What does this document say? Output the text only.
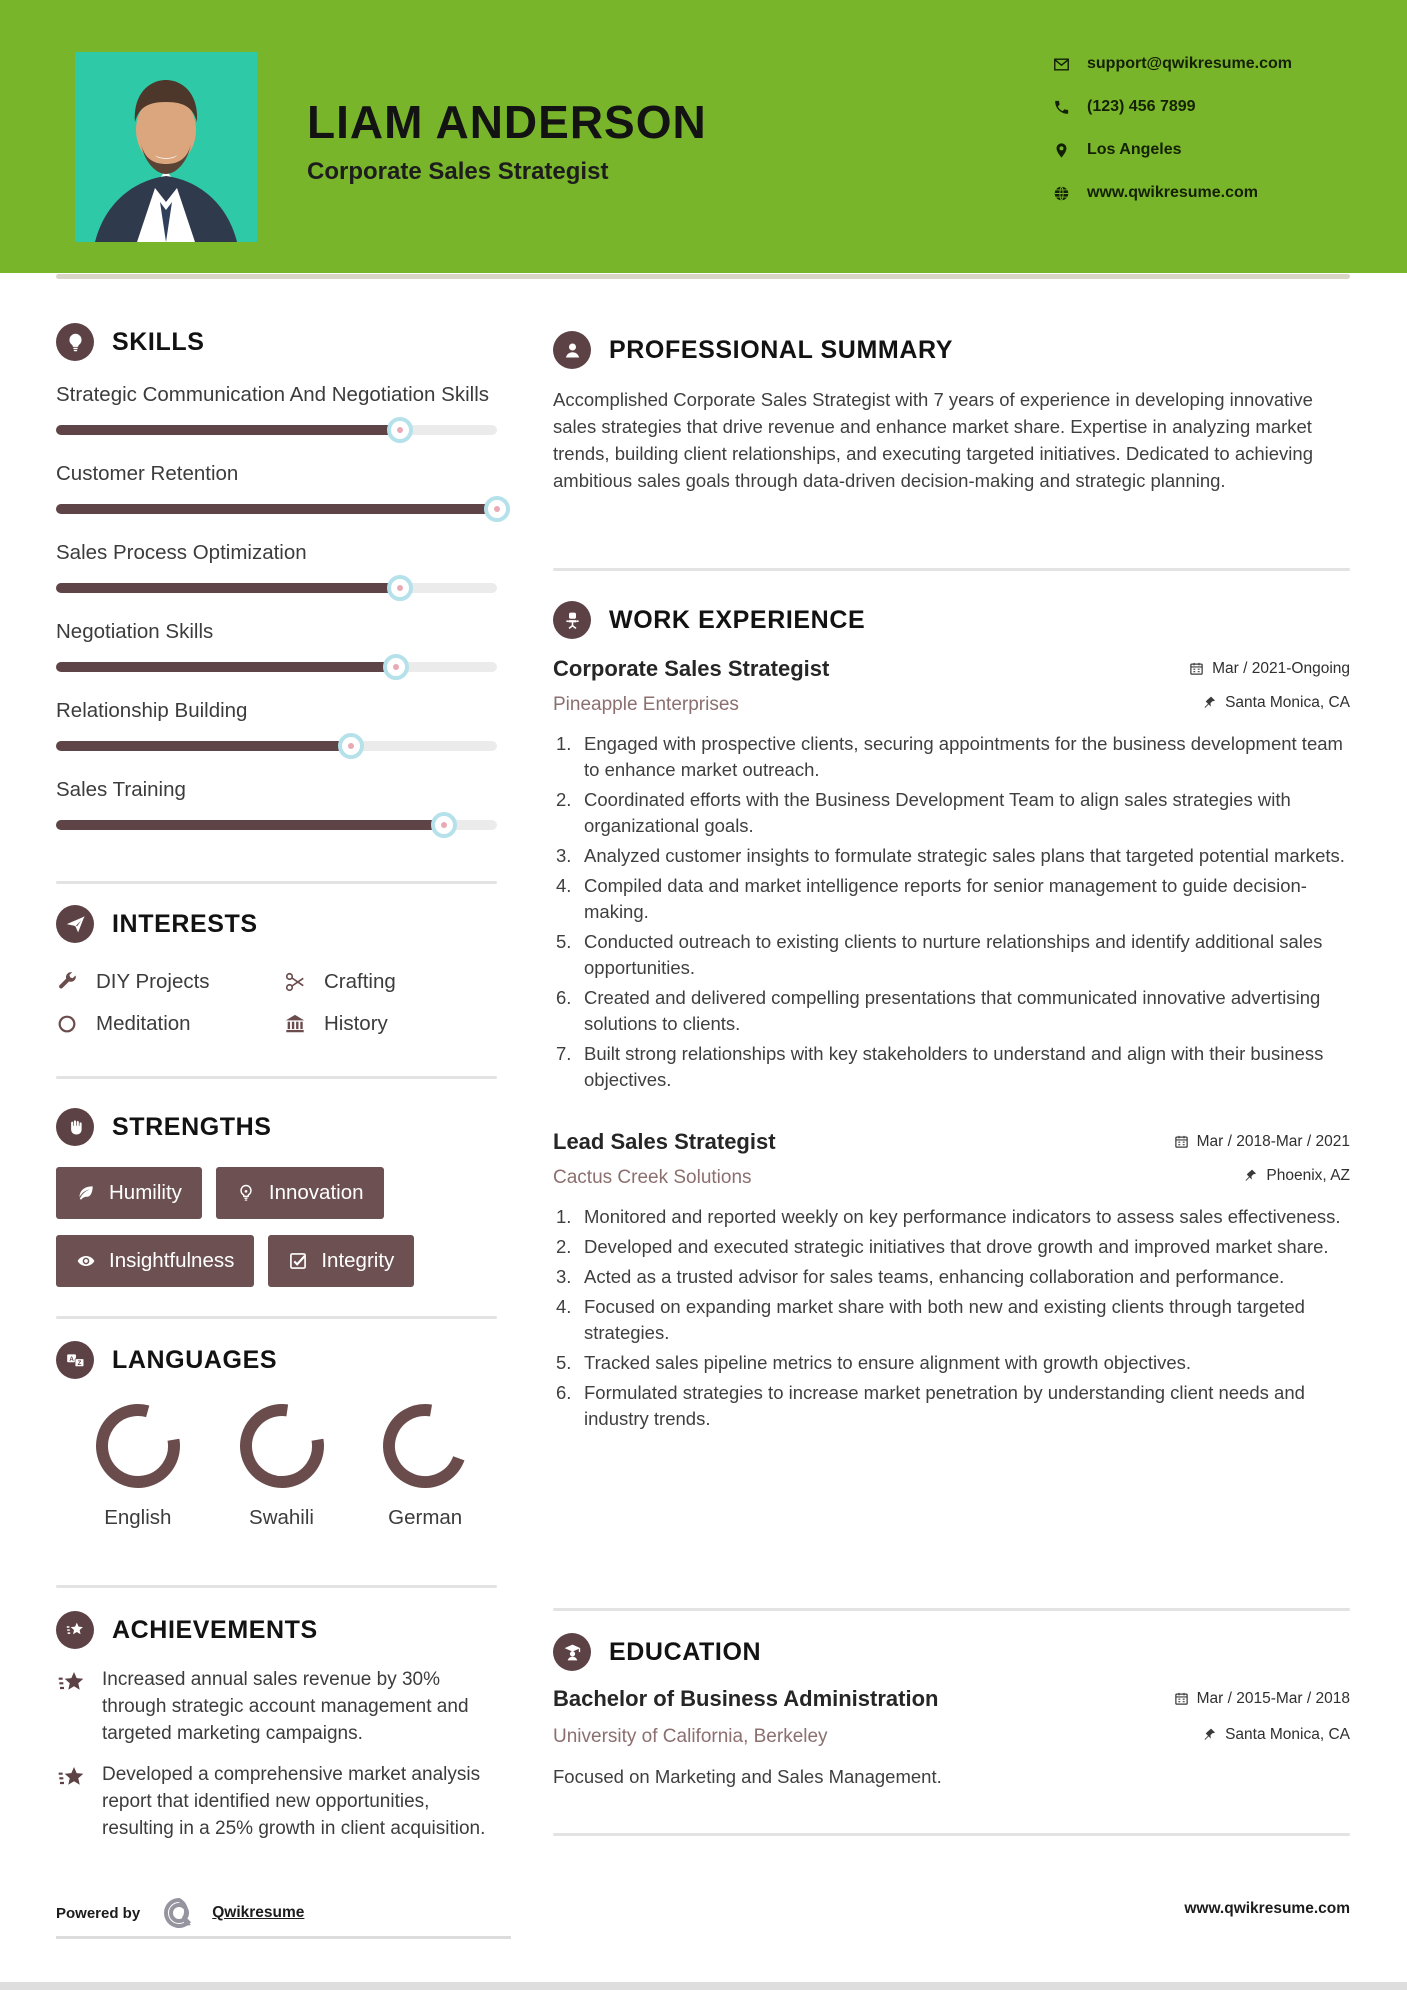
LIAM ANDERSON
Corporate Sales Strategist
support@qwikresume.com
(123) 456 7899
Los Angeles
www.qwikresume.com
SKILLS
Strategic Communication And Negotiation Skills
Customer Retention
Sales Process Optimization
Negotiation Skills
Relationship Building
Sales Training
INTERESTS
DIY Projects	Crafting
Meditation	History
STRENGTHS
Humility	Innovation

Insightfulness	Integrity
A
Z LANGUAGES
English	Swahili	German
ACHIEVEMENTS

Increased annual sales revenue by 30% through strategic account management and targeted marketing campaigns.

Developed a comprehensive market analysis report that identified new opportunities, resulting in a 25% growth in client acquisition.

PROFESSIONAL SUMMARY

Accomplished Corporate Sales Strategist with 7 years of experience in developing innovative sales strategies that drive revenue and enhance market share. Expertise in analyzing market trends, building client relationships, and executing targeted initiatives. Dedicated to achieving ambitious sales goals through data-driven decision-making and strategic planning.

WORK EXPERIENCE
Corporate Sales Strategist	Mar / 2021-Ongoing
Pineapple Enterprises	Santa Monica, CA
Engaged with prospective clients, securing appointments for the business development team to enhance market outreach.
Coordinated efforts with the Business Development Team to align sales strategies with organizational goals.
Analyzed customer insights to formulate strategic sales plans that targeted potential markets.
Compiled data and market intelligence reports for senior management to guide decision-making.
Conducted outreach to existing clients to nurture relationships and identify additional sales opportunities.
Created and delivered compelling presentations that communicated innovative advertising solutions to clients.
Built strong relationships with key stakeholders to understand and align with their business objectives.
Lead Sales Strategist	Mar / 2018-Mar / 2021
Cactus Creek Solutions	Phoenix, AZ
Monitored and reported weekly on key performance indicators to assess sales effectiveness.
Developed and executed strategic initiatives that drove growth and improved market share.
Acted as a trusted advisor for sales teams, enhancing collaboration and performance.
Focused on expanding market share with both new and existing clients through targeted strategies.
Tracked sales pipeline metrics to ensure alignment with growth objectives.
Formulated strategies to increase market penetration by understanding client needs and industry trends.
EDUCATION
Bachelor of Business Administration	Mar / 2015-Mar / 2018
University of California, Berkeley	Santa Monica, CA

Focused on Marketing and Sales Management.

Powered by	Qwikresume	www.qwikresume.com
